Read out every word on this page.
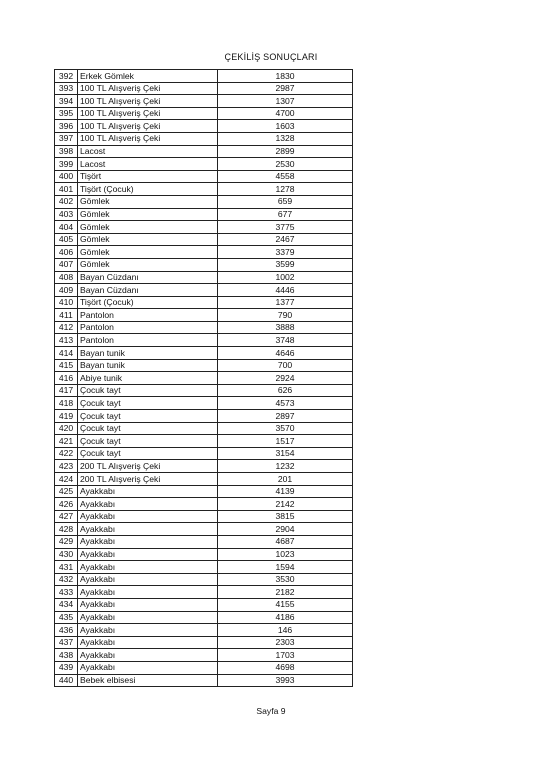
ÇEKİLİŞ SONUÇLARI
392	Erkek Gömlek	1830
393	100 TL Alışveriş Çeki	2987
394	100 TL Alışveriş Çeki	1307
395	100 TL Alışveriş Çeki	4700
396	100 TL Alışveriş Çeki	1603
397	100 TL Alışveriş Çeki	1328
398	Lacost	2899
399	Lacost	2530
400	Tişört	4558
401	Tişört (Çocuk)	1278
402	Gömlek	659
403	Gömlek	677
404	Gömlek	3775
405	Gömlek	2467
406	Gömlek	3379
407	Gömlek	3599
408	Bayan Cüzdanı	1002
409	Bayan Cüzdanı	4446
410	Tişört (Çocuk)	1377
411	Pantolon	790
412	Pantolon	3888
413	Pantolon	3748
414	Bayan tunik	4646
415	Bayan tunik	700
416	Abiye tunik	2924
417	Çocuk tayt	626
418	Çocuk tayt	4573
419	Çocuk tayt	2897
420	Çocuk tayt	3570
421	Çocuk tayt	1517
422	Çocuk tayt	3154
423	200 TL Alışveriş Çeki	1232
424	200 TL Alışveriş Çeki	201
425	Ayakkabı	4139
426	Ayakkabı	2142
427	Ayakkabı	3815
428	Ayakkabı	2904
429	Ayakkabı	4687
430	Ayakkabı	1023
431	Ayakkabı	1594
432	Ayakkabı	3530
433	Ayakkabı	2182
434	Ayakkabı	4155
435	Ayakkabı	4186
436	Ayakkabı	146
437	Ayakkabı	2303
438	Ayakkabı	1703
439	Ayakkabı	4698
440	Bebek elbisesi	3993
Sayfa 9
